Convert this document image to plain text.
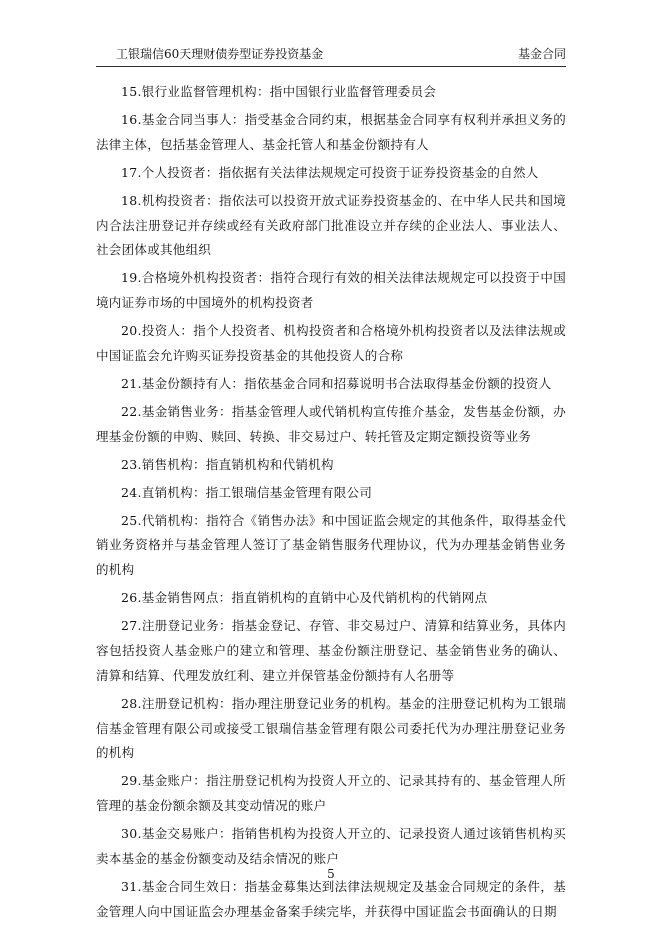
工银瑞信60天理财债券型证券投资基金	基金合同

15.银行业监督管理机构：指中国银行业监督管理委员会

16.基金合同当事人：指受基金合同约束，根据基金合同享有权利并承担义务的法律主体，包括基金管理人、基金托管人和基金份额持有人

17.个人投资者：指依据有关法律法规规定可投资于证券投资基金的自然人

18.机构投资者：指依法可以投资开放式证券投资基金的、在中华人民共和国境内合法注册登记并存续或经有关政府部门批准设立并存续的企业法人、事业法人、社会团体或其他组织

19.合格境外机构投资者：指符合现行有效的相关法律法规规定可以投资于中国境内证券市场的中国境外的机构投资者

20.投资人：指个人投资者、机构投资者和合格境外机构投资者以及法律法规或中国证监会允许购买证券投资基金的其他投资人的合称

21.基金份额持有人：指依基金合同和招募说明书合法取得基金份额的投资人

22.基金销售业务：指基金管理人或代销机构宣传推介基金，发售基金份额，办理基金份额的申购、赎回、转换、非交易过户、转托管及定期定额投资等业务

23.销售机构：指直销机构和代销机构

24.直销机构：指工银瑞信基金管理有限公司

25.代销机构：指符合《销售办法》和中国证监会规定的其他条件，取得基金代销业务资格并与基金管理人签订了基金销售服务代理协议，代为办理基金销售业务的机构

26.基金销售网点：指直销机构的直销中心及代销机构的代销网点

27.注册登记业务：指基金登记、存管、非交易过户、清算和结算业务，具体内容包括投资人基金账户的建立和管理、基金份额注册登记、基金销售业务的确认、清算和结算、代理发放红利、建立并保管基金份额持有人名册等

28.注册登记机构：指办理注册登记业务的机构。基金的注册登记机构为工银瑞信基金管理有限公司或接受工银瑞信基金管理有限公司委托代为办理注册登记业务的机构

29.基金账户：指注册登记机构为投资人开立的、记录其持有的、基金管理人所管理的基金份额余额及其变动情况的账户

30.基金交易账户：指销售机构为投资人开立的、记录投资人通过该销售机构买卖本基金的基金份额变动及结余情况的账户

31.基金合同生效日：指基金募集达到法律法规规定及基金合同规定的条件，基金管理人向中国证监会办理基金备案手续完毕，并获得中国证监会书面确认的日期

5
